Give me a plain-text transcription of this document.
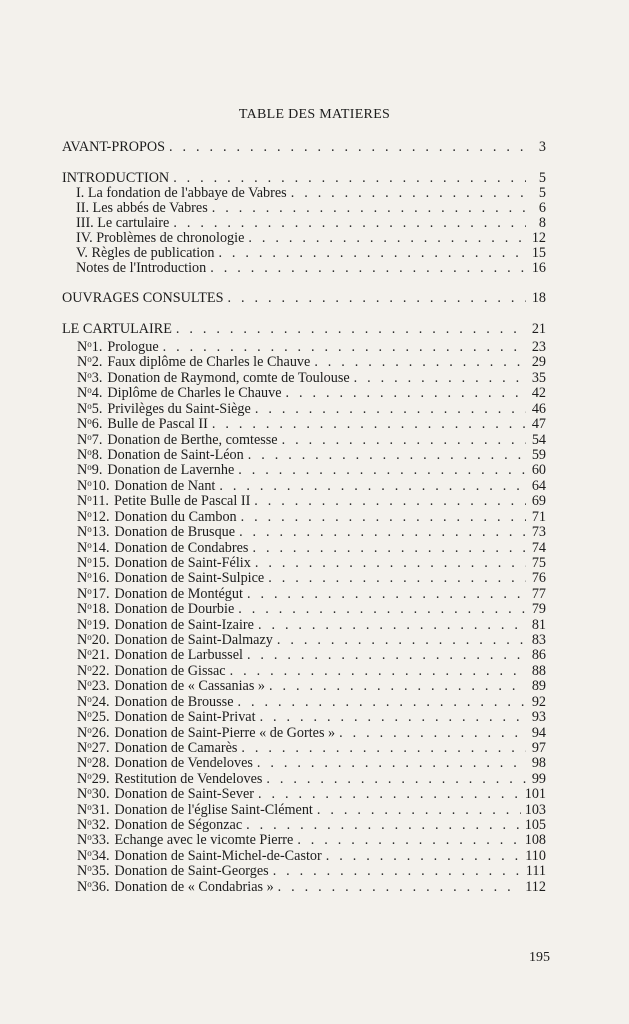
TABLE DES MATIERES
AVANT-PROPOS . . .	3
INTRODUCTION . . .	5
I. La fondation de l'abbaye de Vabres . . .	5
II. Les abbés de Vabres . . .	6
III. Le cartulaire . . .	8
IV. Problèmes de chronologie . . .	12
V. Règles de publication . . .	15
Notes de l'Introduction . . .	16
OUVRAGES CONSULTES . . .	18
LE CARTULAIRE . . .	21
$N^o$ 1. Prologue . . .	23
$N^o$ 2. Faux diplôme de Charles le Chauve . . .	29
$N^o$ 3. Donation de Raymond, comte de Toulouse . . .	35
$N^o$ 4. Diplôme de Charles le Chauve . . .	42
$N^o$ 5. Privilèges du Saint-Siège . . .	46
$N^o$ 6. Bulle de Pascal II . . .	47
$N^o$ 7. Donation de Berthe, comtesse . . .	54
$N^o$ 8. Donation de Saint-Léon . . .	59
$N^o$ 9. Donation de Lavernhe . . .	60
$N^o$ 10. Donation de Nant . . .	64
$N^o$ 11. Petite Bulle de Pascal II . . .	69
$N^o$ 12. Donation du Cambon . . .	71
$N^o$ 13. Donation de Brusque . . .	73
$N^o$ 14. Donation de Condabres . . .	74
$N^o$ 15. Donation de Saint-Félix . . .	75
$N^o$ 16. Donation de Saint-Sulpice . . .	76
$N^o$ 17. Donation de Montégut . . .	77
$N^o$ 18. Donation de Dourbie . . .	79
$N^o$ 19. Donation de Saint-Izaire . . .	81
$N^o$ 20. Donation de Saint-Dalmazy . . .	83
$N^o$ 21. Donation de Larbussel . . .	86
$N^o$ 22. Donation de Gissac . . .	88
$N^o$ 23. Donation de « Cassanias » . . .	89
$N^o$ 24. Donation de Brousse . . .	92
$N^o$ 25. Donation de Saint-Privat . . .	93
$N^o$ 26. Donation de Saint-Pierre « de Gortes » . . .	94
$N^o$ 27. Donation de Camarès . . .	97
$N^o$ 28. Donation de Vendeloves . . .	98
$N^o$ 29. Restitution de Vendeloves . . .	99
$N^o$ 30. Donation de Saint-Sever . . .	101
$N^o$ 31. Donation de l'église Saint-Clément . . .	103
$N^o$ 32. Donation de Ségonzac . . .	105
$N^o$ 33. Echange avec le vicomte Pierre . . .	108
$N^o$ 34. Donation de Saint-Michel-de-Castor . . .	110
$N^o$ 35. Donation de Saint-Georges . . .	111
$N^o$ 36. Donation de « Condabrias » . . .	112
195
